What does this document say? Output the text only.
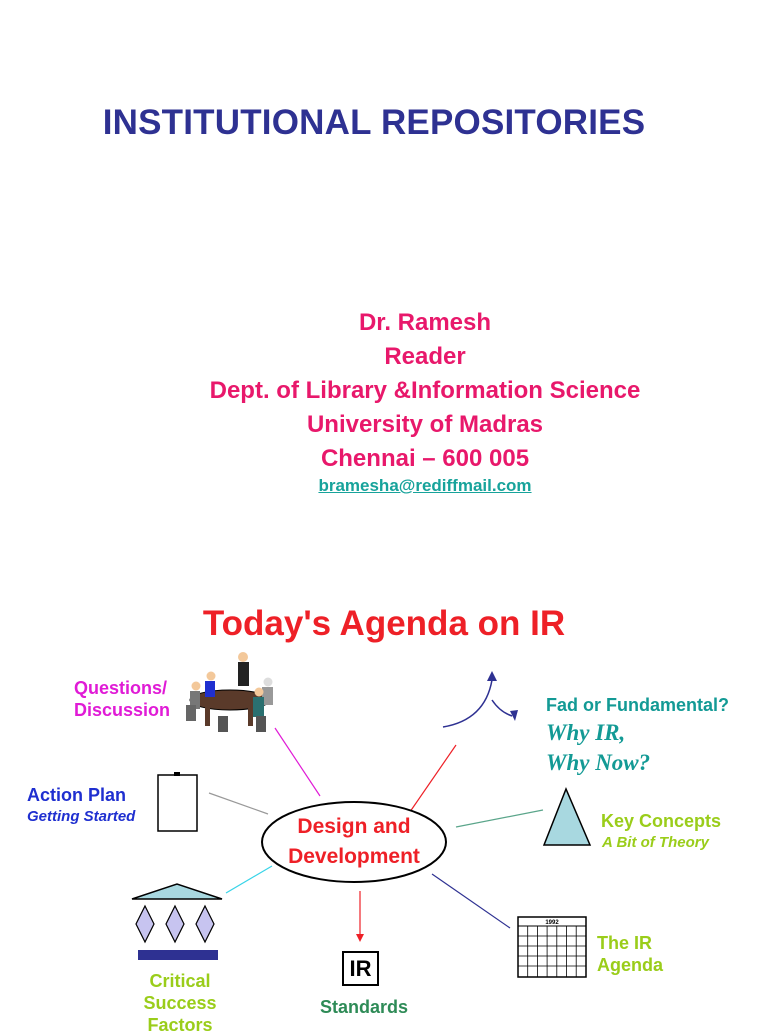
INSTITUTIONAL REPOSITORIES
Dr. Ramesh
Reader
Dept. of Library &Information Science
University of Madras
Chennai – 600 005
bramesha@rediffmail.com
Today's Agenda on IR
1992
Design and
Development
Questions/
Discussion	Fad or Fundamental?
Why IR,
Why Now?
Action Plan
Getting Started	Key Concepts
A Bit of Theory
Critical
Success
Factors
IR
Standards
The IR
Agenda
